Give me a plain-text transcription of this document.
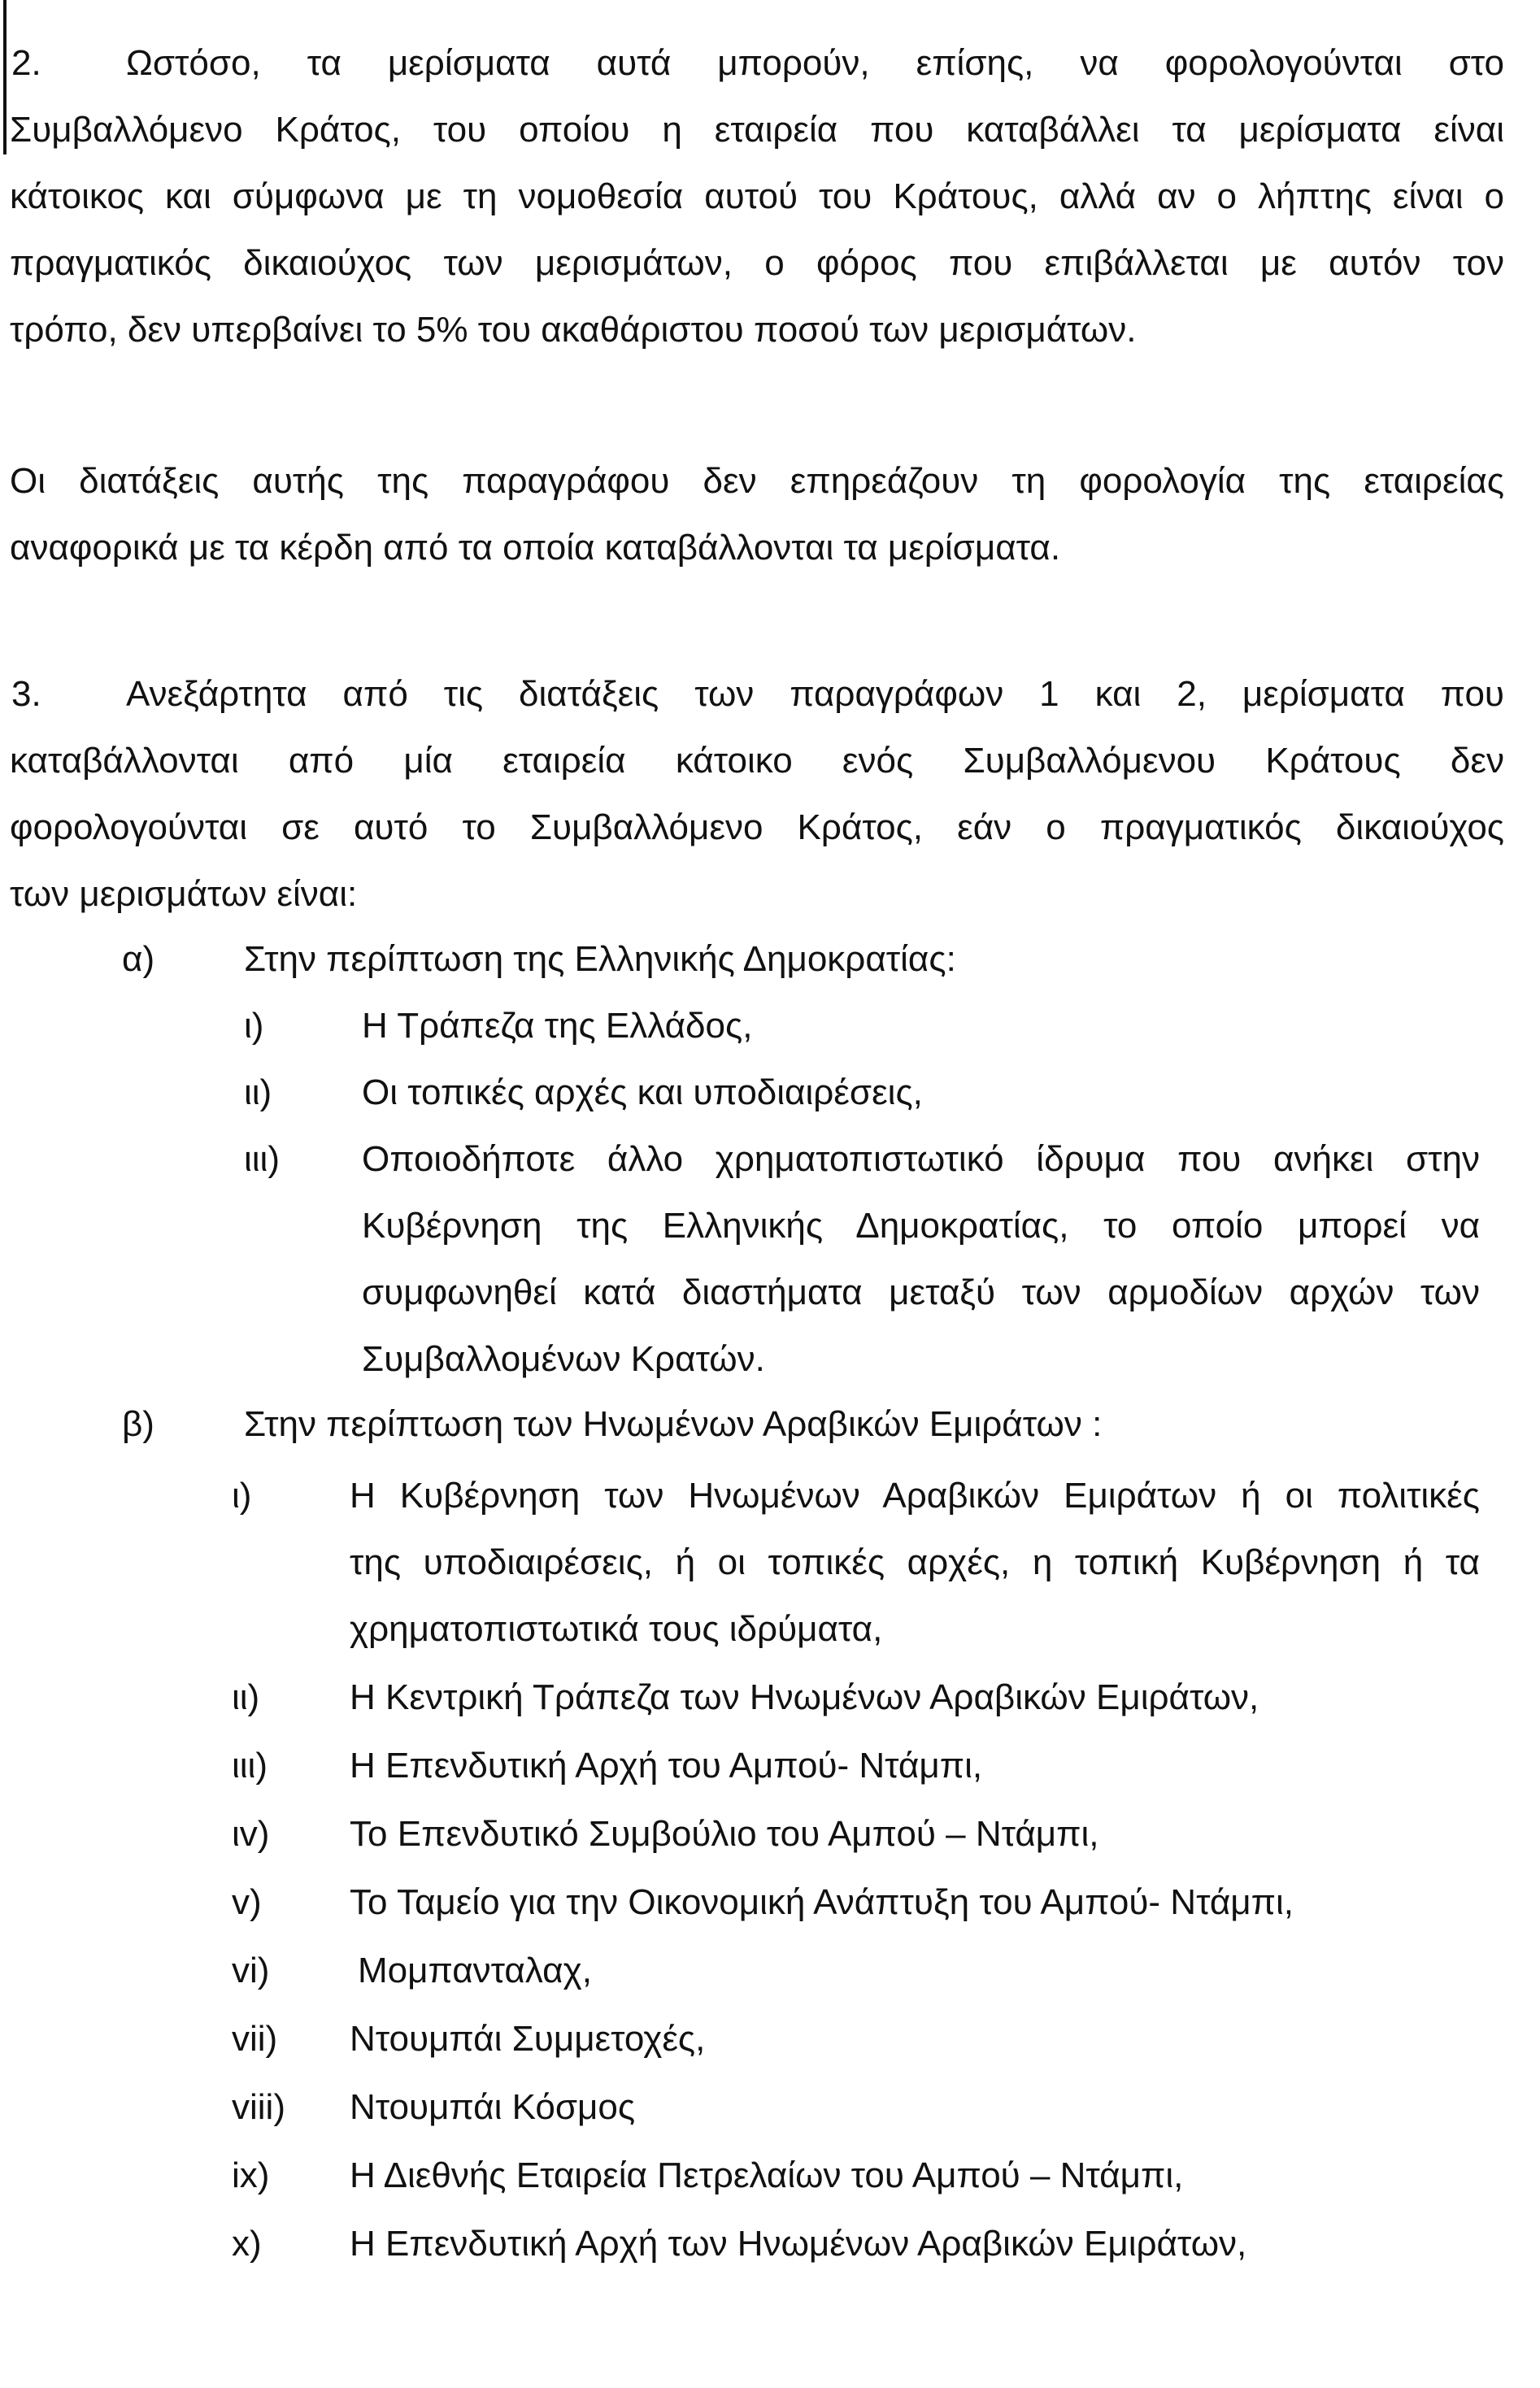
2. Ωστόσο, τα μερίσματα αυτά μπορούν, επίσης, να φορολογούνται στο
Συμβαλλόμενο Κράτος, του οποίου η εταιρεία που καταβάλλει τα μερίσματα είναι
κάτοικος και σύμφωνα με τη νομοθεσία αυτού του Κράτους, αλλά αν ο λήπτης είναι ο
πραγματικός δικαιούχος των μερισμάτων, ο φόρος που επιβάλλεται με αυτόν τον
τρόπο, δεν υπερβαίνει το 5% του ακαθάριστου ποσού των μερισμάτων.
Οι διατάξεις αυτής της παραγράφου δεν επηρεάζουν τη φορολογία της εταιρείας
αναφορικά με τα κέρδη από τα οποία καταβάλλονται τα μερίσματα.
3. Ανεξάρτητα από τις διατάξεις των παραγράφων 1 και 2, μερίσματα που
καταβάλλονται από μία εταιρεία κάτοικο ενός Συμβαλλόμενου Κράτους δεν
φορολογούνται σε αυτό το Συμβαλλόμενο Κράτος, εάν ο πραγματικός δικαιούχος
των μερισμάτων είναι:
α) Στην περίπτωση της Ελληνικής Δημοκρατίας:
ι)	Η Τράπεζα της Ελλάδος,
ιι)	Οι τοπικές αρχές και υποδιαιρέσεις,
ιιι) Οποιοδήποτε άλλο χρηματοπιστωτικό ίδρυμα που ανήκει στην
Κυβέρνηση της Ελληνικής Δημοκρατίας, το οποίο μπορεί να
συμφωνηθεί κατά διαστήματα μεταξύ των αρμοδίων αρχών των
Συμβαλλομένων Κρατών.
β)	Στην περίπτωση των Ηνωμένων Αραβικών Εμιράτων :
ι)	Η Κυβέρνηση των Ηνωμένων Αραβικών Εμιράτων ή οι πολιτικές
της υποδιαιρέσεις, ή οι τοπικές αρχές, η τοπική Κυβέρνηση ή τα
χρηματοπιστωτικά τους ιδρύματα,
ιι)	Η Κεντρική Τράπεζα των Ηνωμένων Αραβικών Εμιράτων,
ιιι) Η Επενδυτική Αρχή του Αμπού- Ντάμπι,
ιv) Το Επενδυτικό Συμβούλιο του Αμπού – Ντάμπι,
v) Το Ταμείο για την Οικονομική Ανάπτυξη του Αμπού- Ντάμπι,
vi) Μομπανταλαχ,
vii) Ντουμπάι Συμμετοχές,
viii) Ντουμπάι Κόσμος
ix) Η Διεθνής Εταιρεία Πετρελαίων του Αμπού – Ντάμπι,
x) Η Επενδυτική Αρχή των Ηνωμένων Αραβικών Εμιράτων,
